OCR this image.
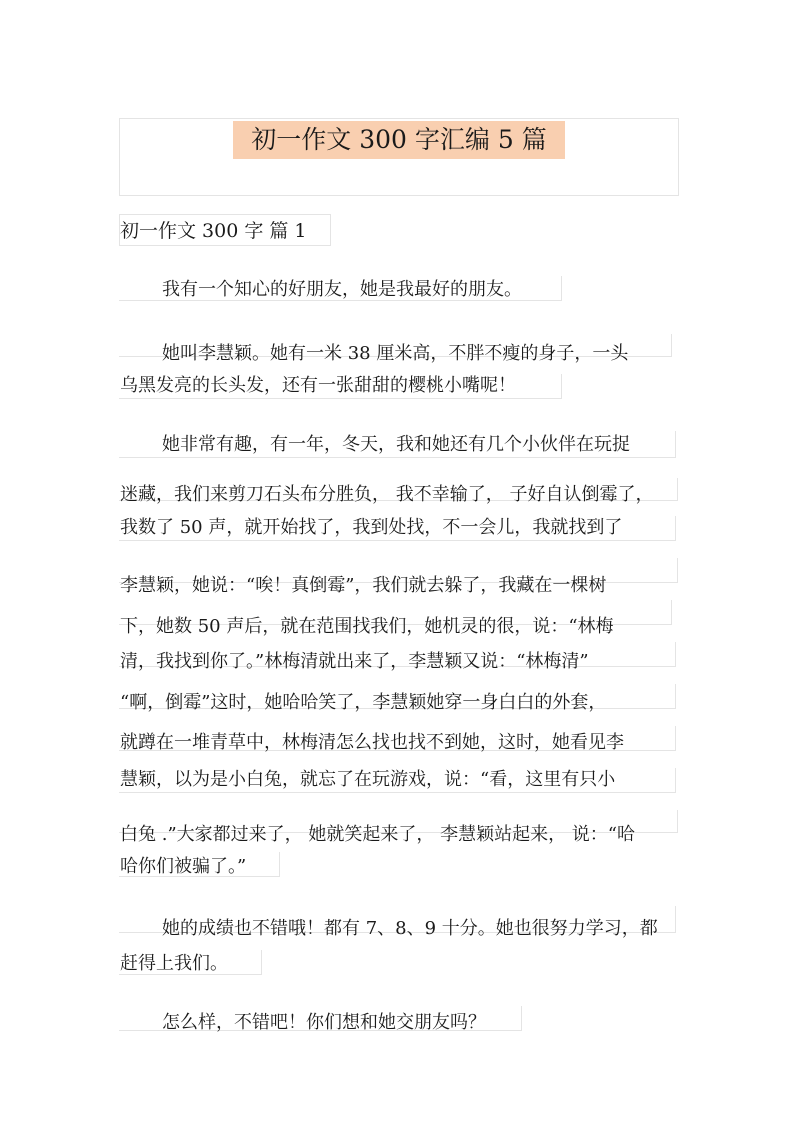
初一作文 300 字汇编 5 篇
初一作文 300 字 篇 1
我有一个知心的好朋友，她是我最好的朋友。
她叫李慧颖。她有一米 38 厘米高，不胖不瘦的身子，一头
乌黑发亮的长头发，还有一张甜甜的樱桃小嘴呢！
她非常有趣，有一年，冬天，我和她还有几个小伙伴在玩捉
迷藏，我们来剪刀石头布分胜负， 我不幸输了， 子好自认倒霉了，
我数了 50 声，就开始找了，我到处找，不一会儿，我就找到了
李慧颖，她说：“唉！真倒霉”，我们就去躲了，我藏在一棵树
下，她数 50 声后，就在范围找我们，她机灵的很，说：“林梅
清，我找到你了。”林梅清就出来了，李慧颖又说：“林梅清”
“啊，倒霉”这时，她哈哈笑了，李慧颖她穿一身白白的外套，
就蹲在一堆青草中，林梅清怎么找也找不到她，这时，她看见李
慧颖，以为是小白兔，就忘了在玩游戏，说：“看，这里有只小
白兔 .”大家都过来了， 她就笑起来了， 李慧颖站起来， 说：“哈
哈你们被骗了。”
她的成绩也不错哦！都有 7、8、9 十分。她也很努力学习，都
赶得上我们。
怎么样，不错吧！你们想和她交朋友吗？
